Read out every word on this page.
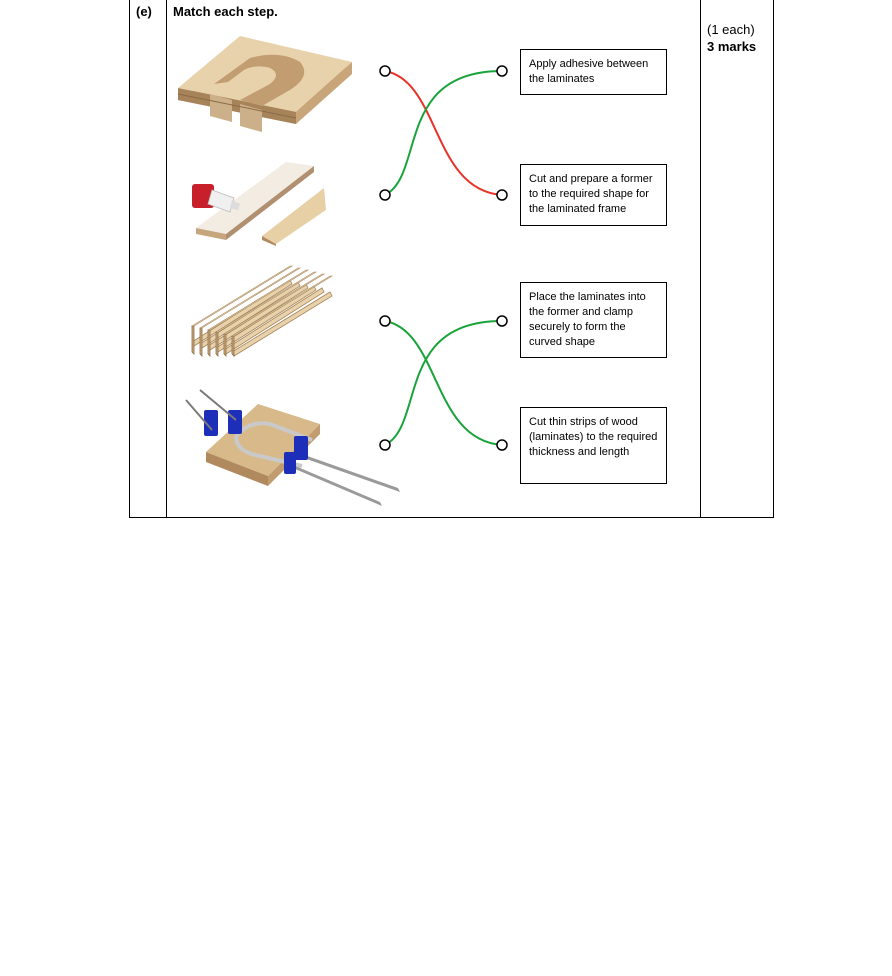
(e) Match each step.
(1 each)
3 marks
Apply adhesive between the laminates
Cut and prepare a former to the required shape for the laminated frame
Place the laminates into the former and clamp securely to form the curved shape
Cut thin strips of wood (laminates) to the required thickness and length
